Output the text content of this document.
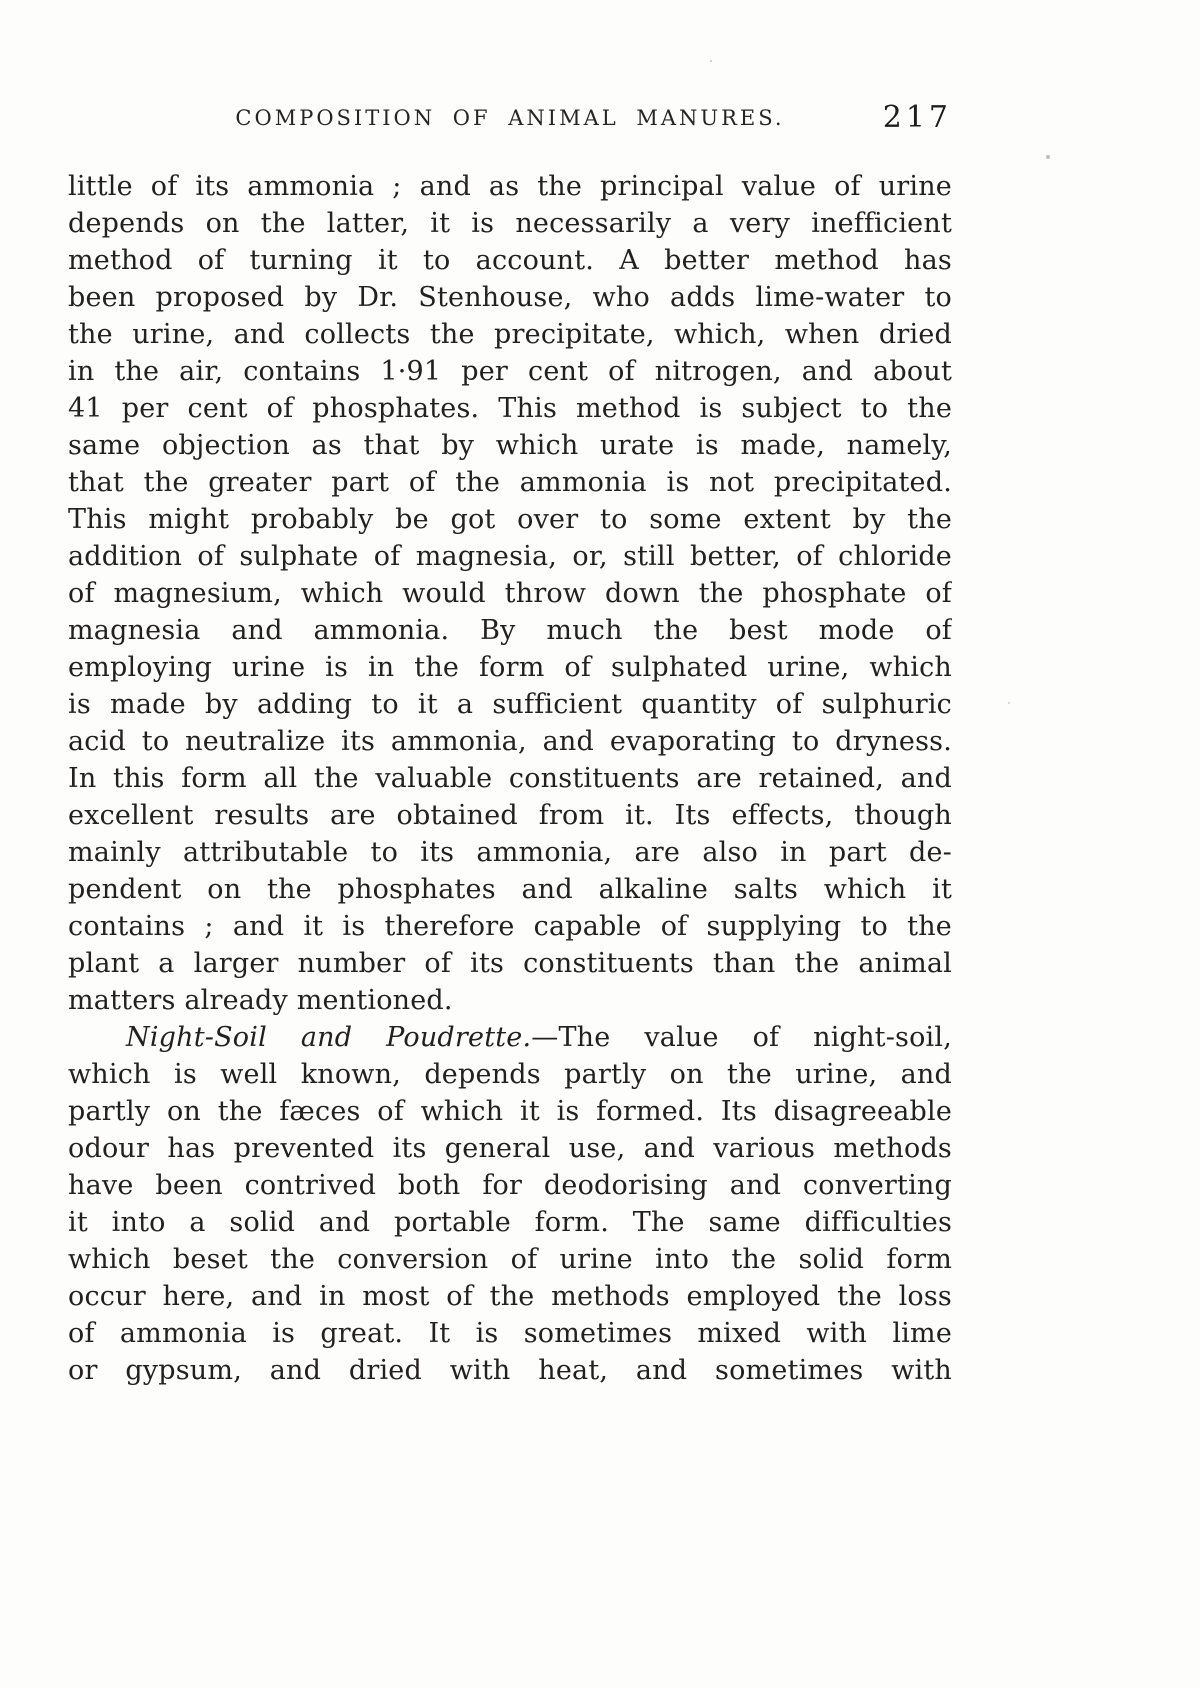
COMPOSITION OF ANIMAL MANURES.	217
little of its ammonia ; and as the principal value of urine
depends on the latter, it is necessarily a very inefficient
method of turning it to account. A better method has
been proposed by Dr. Stenhouse, who adds lime-water to
the urine, and collects the precipitate, which, when dried
in the air, contains 1·91 per cent of nitrogen, and about
41 per cent of phosphates. This method is subject to the
same objection as that by which urate is made, namely,
that the greater part of the ammonia is not precipitated.
This might probably be got over to some extent by the
addition of sulphate of magnesia, or, still better, of chloride
of magnesium, which would throw down the phosphate of
magnesia and ammonia. By much the best mode of
employing urine is in the form of sulphated urine, which
is made by adding to it a sufficient quantity of sulphuric
acid to neutralize its ammonia, and evaporating to dryness.
In this form all the valuable constituents are retained, and
excellent results are obtained from it. Its effects, though
mainly attributable to its ammonia, are also in part de-
pendent on the phosphates and alkaline salts which it
contains ; and it is therefore capable of supplying to the
plant a larger number of its constituents than the animal
matters already mentioned.
Night-Soil and Poudrette.—The value of night-soil,
which is well known, depends partly on the urine, and
partly on the fæces of which it is formed. Its disagreeable
odour has prevented its general use, and various methods
have been contrived both for deodorising and converting
it into a solid and portable form. The same difficulties
which beset the conversion of urine into the solid form
occur here, and in most of the methods employed the loss
of ammonia is great. It is sometimes mixed with lime
or gypsum, and dried with heat, and sometimes with
